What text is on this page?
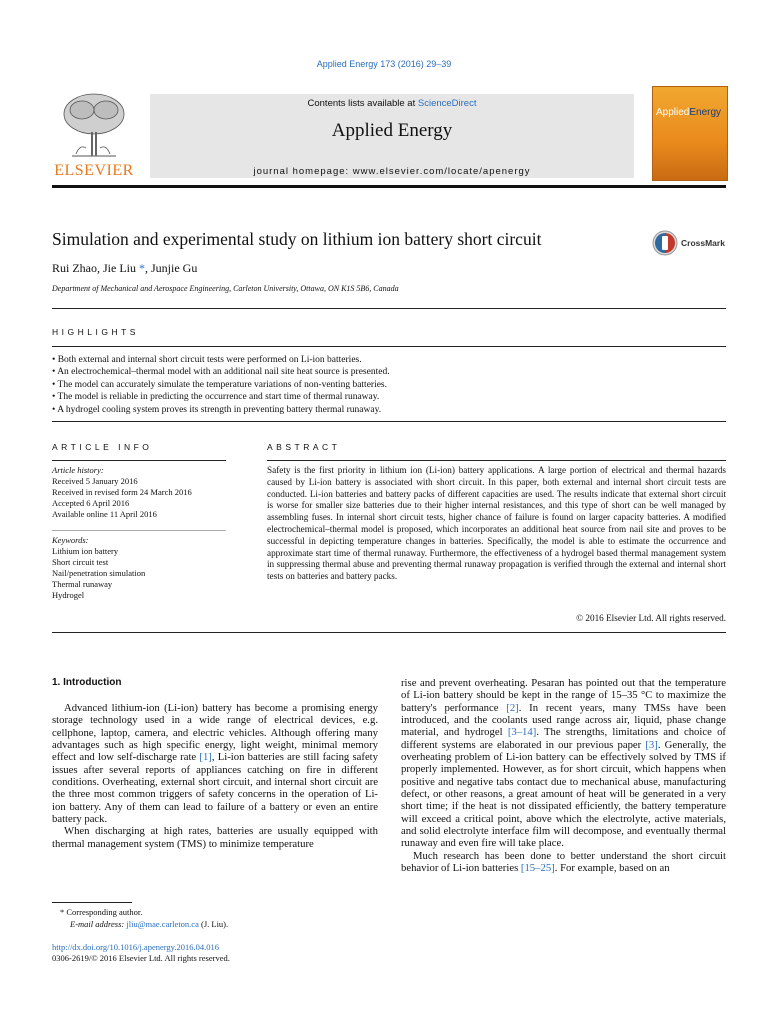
Applied Energy 173 (2016) 29–39
ELSEVIER
Contents lists available at ScienceDirect
Applied Energy
journal homepage: www.elsevier.com/locate/apenergy
AppliedEnergy
Simulation and experimental study on lithium ion battery short circuit	CrossMark
Rui Zhao, Jie Liu *, Junjie Gu
Department of Mechanical and Aerospace Engineering, Carleton University, Ottawa, ON K1S 5B6, Canada
HIGHLIGHTS
• Both external and internal short circuit tests were performed on Li-ion batteries.
• An electrochemical–thermal model with an additional nail site heat source is presented.
• The model can accurately simulate the temperature variations of non-venting batteries.
• The model is reliable in predicting the occurrence and start time of thermal runaway.
• A hydrogel cooling system proves its strength in preventing battery thermal runaway.
ARTICLE INFO
Article history:
Received 5 January 2016
Received in revised form 24 March 2016
Accepted 6 April 2016
Available online 11 April 2016
Keywords:
Lithium ion battery
Short circuit test
Nail/penetration simulation
Thermal runaway
Hydrogel
ABSTRACT
Safety is the first priority in lithium ion (Li-ion) battery applications. A large portion of electrical and thermal hazards caused by Li-ion battery is associated with short circuit. In this paper, both external and internal short circuit tests are conducted. Li-ion batteries and battery packs of different capacities are used. The results indicate that external short circuit is worse for smaller size batteries due to their higher internal resistances, and this type of short can be well managed by assembling fuses. In internal short circuit tests, higher chance of failure is found on larger capacity batteries. A modified electrochemical–thermal model is proposed, which incorporates an additional heat source from nail site and proves to be successful in depicting temperature changes in batteries. Specifically, the model is able to estimate the occurrence and approximate start time of thermal runaway. Furthermore, the effectiveness of a hydrogel based thermal management system in suppressing thermal abuse and preventing thermal runaway propagation is verified through the external and internal short tests on batteries and battery packs.
© 2016 Elsevier Ltd. All rights reserved.
1. Introduction

Advanced lithium-ion (Li-ion) battery has become a promising energy storage technology used in a wide range of electrical devices, e.g. cellphone, laptop, camera, and electric vehicles. Although offering many advantages such as high specific energy, light weight, minimal memory effect and low self-discharge rate [1], Li-ion batteries are still facing safety issues after several reports of appliances catching on fire in different conditions. Overheating, external short circuit, and internal short circuit are the three most common triggers of safety concerns in the operation of Li-ion battery. Any of them can lead to failure of a battery or even an entire battery pack.

When discharging at high rates, batteries are usually equipped with thermal management system (TMS) to minimize temperature

rise and prevent overheating. Pesaran has pointed out that the temperature of Li-ion battery should be kept in the range of 15–35 °C to maximize the battery's performance [2]. In recent years, many TMSs have been introduced, and the coolants used range across air, liquid, phase change material, and hydrogel [3–14]. The strengths, limitations and choice of different systems are elaborated in our previous paper [3]. Generally, the overheating problem of Li-ion battery can be effectively solved by TMS if properly implemented. However, as for short circuit, which happens when positive and negative tabs contact due to mechanical abuse, manufacturing defect, or other reasons, a great amount of heat will be generated in a very short time; if the heat is not dissipated efficiently, the battery temperature will exceed a critical point, above which the electrolyte, active materials, and solid electrolyte interface film will decompose, and eventually thermal runaway and even fire will take place.

Much research has been done to better understand the short circuit behavior of Li-ion batteries [15–25]. For example, based on an

* Corresponding author.
E-mail address: jliu@mae.carleton.ca (J. Liu).
http://dx.doi.org/10.1016/j.apenergy.2016.04.016
0306-2619/© 2016 Elsevier Ltd. All rights reserved.
